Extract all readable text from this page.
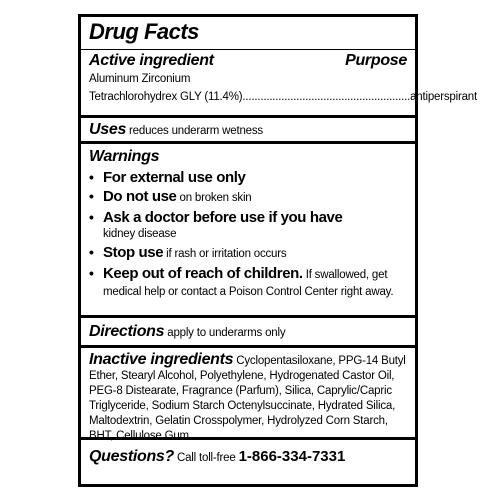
Drug Facts
Active ingredient	Purpose
Aluminum Zirconium
Tetrachlorohydrex GLY (11.4%) ........................................................ antiperspirant
Uses reduces underarm wetness
Warnings
• For external use only
• Do not use on broken skin
• Ask a doctor before use if you have
kidney disease
• Stop use if rash or irritation occurs
• Keep out of reach of children. If swallowed, get
medical help or contact a Poison Control Center right away.
Directions apply to underarms only
Inactive ingredients Cyclopentasiloxane, PPG-14 Butyl Ether, Stearyl Alcohol, Polyethylene, Hydrogenated Castor Oil, PEG-8 Distearate, Fragrance (Parfum), Silica, Caprylic/Capric Triglyceride, Sodium Starch Octenylsuccinate, Hydrated Silica, Maltodextrin, Gelatin Crosspolymer, Hydrolyzed Corn Starch, BHT, Cellulose Gum.
Questions? Call toll-free 1-866-334-7331
